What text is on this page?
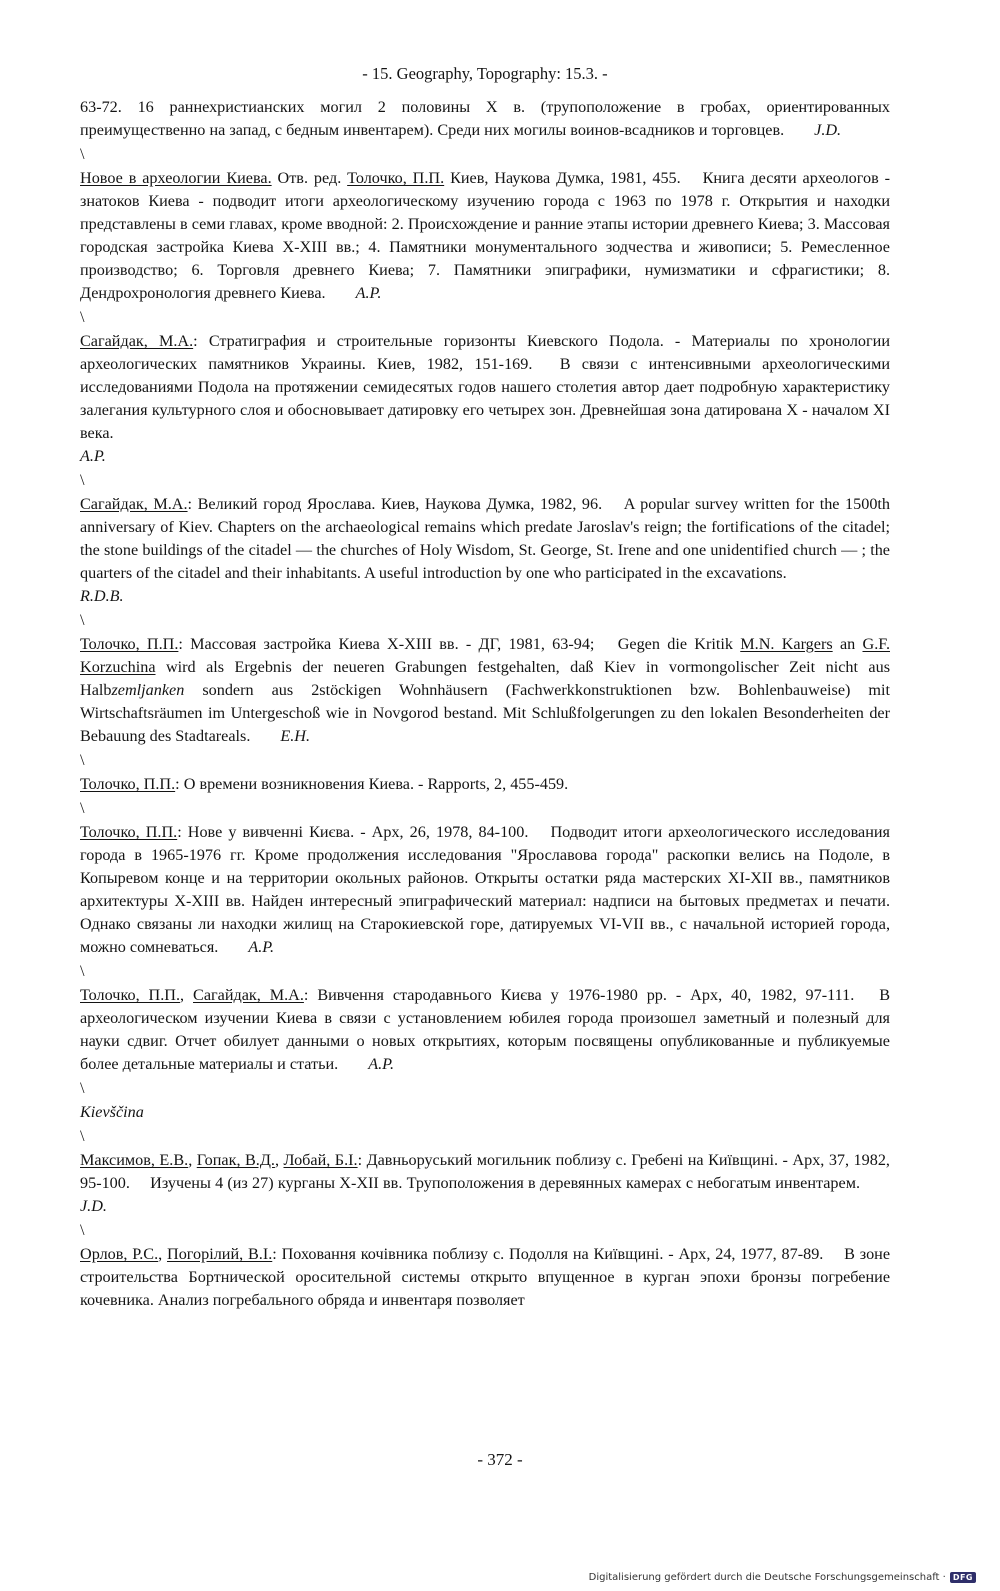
- 15. Geography, Topography: 15.3. -

63-72. 16 раннехристианских могил 2 половины X в. (трупоположение в гробах, ориентированных преимущественно на запад, с бедным инвентарем). Среди них могилы воинов-всадников и торговцев. J.D.

\

Новое в археологии Киева. Отв. ред. Толочко, П.П. Киев, Наукова Думка, 1981, 455. Книга десяти археологов - знатоков Киева - подводит итоги археологическому изучению города с 1963 по 1978 г. Открытия и находки представлены в семи главах, кроме вводной: 2. Происхождение и ранние этапы истории древнего Киева; 3. Массовая городская застройка Киева X-XIII вв.; 4. Памятники монументального зодчества и живописи; 5. Ремесленное производство; 6. Торговля древнего Киева; 7. Памятники эпиграфики, нумизматики и сфрагистики; 8. Дендрохронология древнего Киева. A.P.

\

Сагайдак, М.А.: Стратиграфия и строительные горизонты Киевского Подола. - Материалы по хронологии археологических памятников Украины. Киев, 1982, 151-169. В связи с интенсивными археологическими исследованиями Подола на протяжении семидесятых годов нашего столетия автор дает подробную характеристику залегания культурного слоя и обосновывает датировку его четырех зон. Древнейшая зона датирована X - началом XI века.
A.P.

\

Сагайдак, М.А.: Великий город Ярослава. Киев, Наукова Думка, 1982, 96. A popular survey written for the 1500th anniversary of Kiev. Chapters on the archaeological remains which predate Jaroslav's reign; the fortifications of the citadel; the stone buildings of the citadel — the churches of Holy Wisdom, St. George, St. Irene and one unidentified church — ; the quarters of the citadel and their inhabitants. A useful introduction by one who participated in the excavations.
R.D.B.

\

Толочко, П.П.: Массовая застройка Киева X-XIII вв. - ДГ, 1981, 63-94; Gegen die Kritik M.N. Kargers an G.F. Korzuchina wird als Ergebnis der neueren Grabungen festgehalten, daß Kiev in vormongolischer Zeit nicht aus Halbzemljanken sondern aus 2stöckigen Wohnhäusern (Fachwerkkonstruktionen bzw. Bohlenbauweise) mit Wirtschaftsräumen im Untergeschoß wie in Novgorod bestand. Mit Schlußfolgerungen zu den lokalen Besonderheiten der Bebauung des Stadtareals. E.H.

\

Толочко, П.П.: О времени возникновения Киева. - Rapports, 2, 455-459.

\

Толочко, П.П.: Нове у вивченні Києва. - Арх, 26, 1978, 84-100. Подводит итоги археологического исследования города в 1965-1976 гг. Кроме продолжения исследования "Ярославова города" раскопки велись на Подоле, в Копыревом конце и на территории окольных районов. Открыты остатки ряда мастерских XI-XII вв., памятников архитектуры X-XIII вв. Найден интересный эпиграфический материал: надписи на бытовых предметах и печати. Однако связаны ли находки жилищ на Старокиевской горе, датируемых VI-VII вв., с начальной историей города, можно сомневаться. A.P.

\

Толочко, П.П., Сагайдак, М.А.: Вивчення стародавнього Києва у 1976-1980 рр. - Арх, 40, 1982, 97-111. В археологическом изучении Киева в связи с установлением юбилея города произошел заметный и полезный для науки сдвиг. Отчет обилует данными о новых открытиях, которым посвящены опубликованные и публикуемые более детальные материалы и статьи. A.P.

\

Kievščina

\

Максимов, Е.В., Гопак, В.Д., Лобай, Б.І.: Давньоруський могильник поблизу с. Гребені на Київщині. - Арх, 37, 1982, 95-100. Изучены 4 (из 27) курганы X-XII вв. Трупоположения в деревянных камерах с небогатым инвентарем.J.D.

\

Орлов, Р.С., Погорілий, В.І.: Поховання кочівника поблизу с. Подолля на Київщині. - Арх, 24, 1977, 87-89. В зоне строительства Бортнической оросительной системы открыто впущенное в курган эпохи бронзы погребение кочевника. Анализ погребального обряда и инвентаря позволяет

- 372 -
Digitalisierung gefördert durch die Deutsche Forschungsgemeinschaft · DFG
